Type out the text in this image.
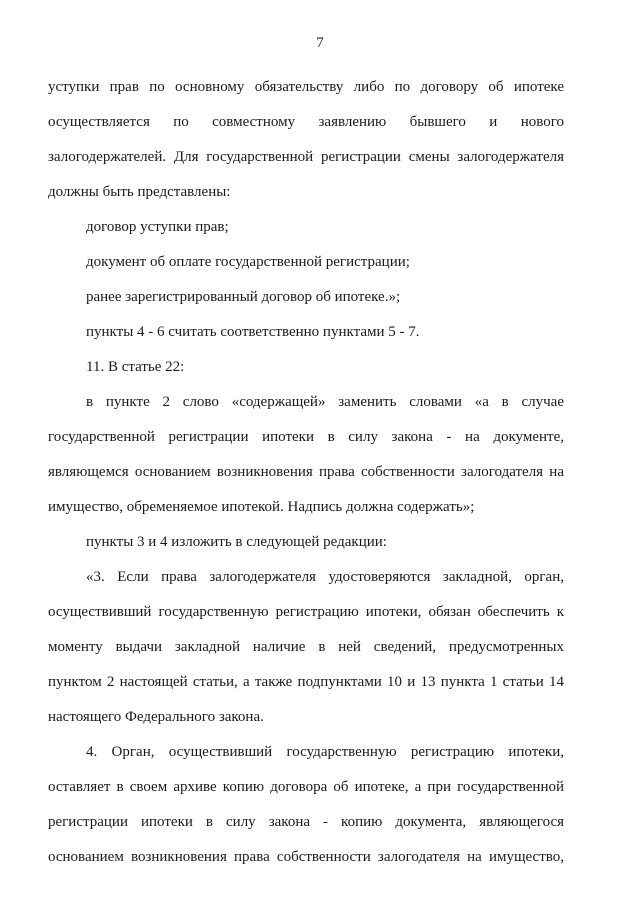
7
уступки прав по основному обязательству либо по договору об ипотеке
осуществляется по совместному заявлению бывшего и нового
залогодержателей. Для государственной регистрации смены залогодержателя
должны быть представлены:
договор уступки прав;
документ об оплате государственной регистрации;
ранее зарегистрированный договор об ипотеке.»;
пункты 4 - 6 считать соответственно пунктами 5 - 7.
11. В статье 22:
в пункте 2 слово «содержащей» заменить словами «а в случае
государственной регистрации ипотеки в силу закона - на документе,
являющемся основанием возникновения права собственности залогодателя на
имущество, обременяемое ипотекой. Надпись должна содержать»;
пункты 3 и 4 изложить в следующей редакции:
«3. Если права залогодержателя удостоверяются закладной, орган,
осуществивший государственную регистрацию ипотеки, обязан обеспечить к
моменту выдачи закладной наличие в ней сведений, предусмотренных
пунктом 2 настоящей статьи, а также подпунктами 10 и 13 пункта 1 статьи 14
настоящего Федерального закона.
4. Орган, осуществивший государственную регистрацию ипотеки,
оставляет в своем архиве копию договора об ипотеке, а при государственной
регистрации ипотеки в силу закона - копию документа, являющегося
основанием возникновения права собственности залогодателя на имущество,
